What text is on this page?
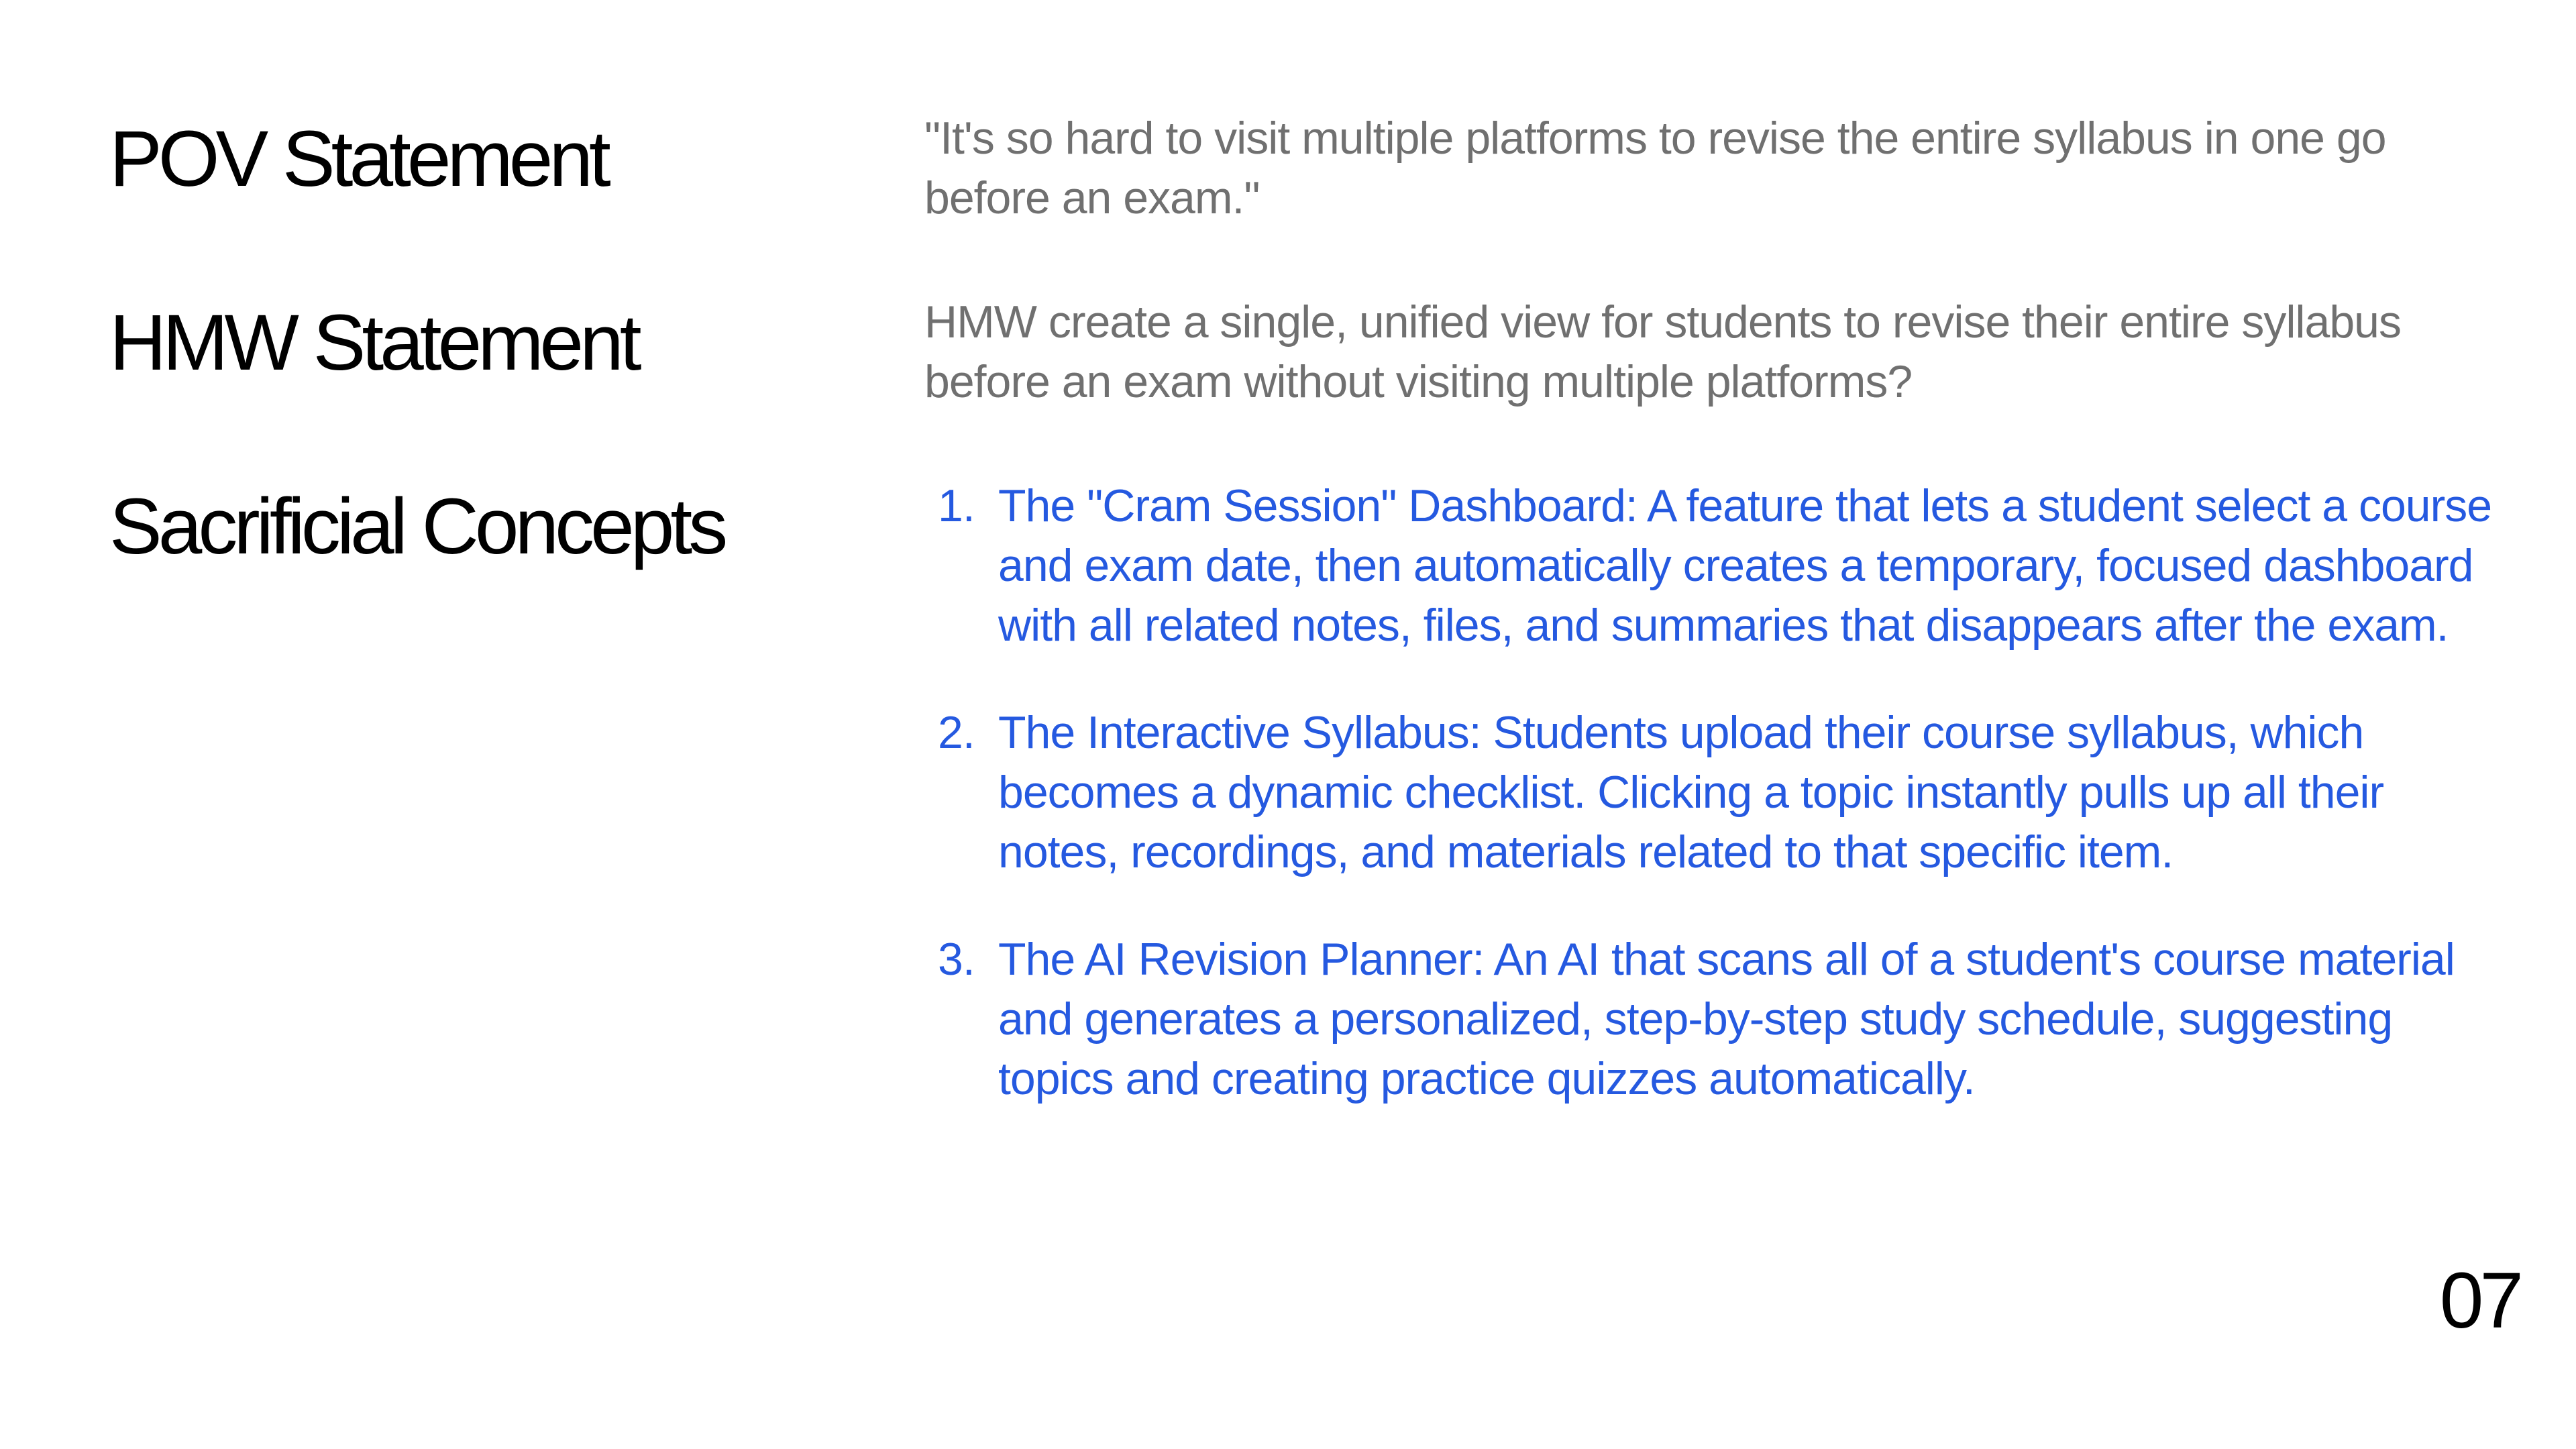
POV Statement	"It's so hard to visit multiple platforms to revise the entire syllabus in one go before an exam."

HMW Statement	HMW create a single, unified view for students to revise their entire syllabus before an exam without visiting multiple platforms?

Sacrificial Concepts	1. The "Cram Session" Dashboard: A feature that lets a student select a course and exam date, then automatically creates a temporary, focused dashboard with all related notes, files, and summaries that disappears after the exam.
2. The Interactive Syllabus: Students upload their course syllabus, which becomes a dynamic checklist. Clicking a topic instantly pulls up all their notes, recordings, and materials related to that specific item.
3. The AI Revision Planner: An AI that scans all of a student's course material and generates a personalized, step-by-step study schedule, suggesting topics and creating practice quizzes automatically.

07
